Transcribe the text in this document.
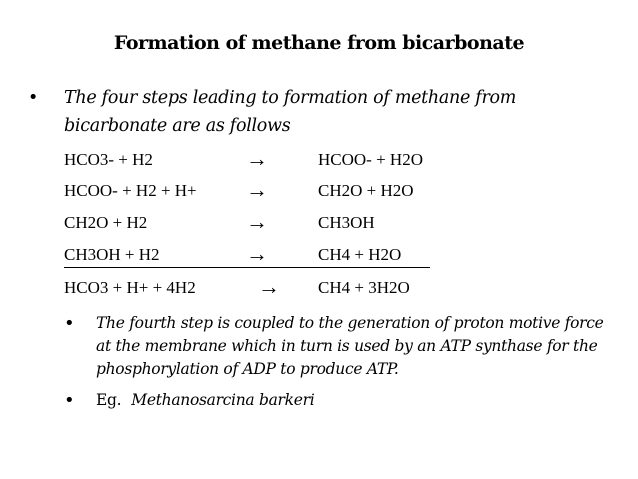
Formation of methane from bicarbonate
• The four steps leading to formation of methane from bicarbonate are as follows
HCO3- + H2	→	HCOO- + H2O
HCOO- + H2 + H+ →	CH2O + H2O
CH2O + H2	→	CH3OH
CH3OH + H2	→	CH4 + H2O
HCO3 + H+ + 4H2	→ CH4 + 3H2O
• The fourth step is coupled to the generation of proton motive force at the membrane which in turn is used by an ATP synthase for the phosphorylation of ADP to produce ATP.
• Eg. Methanosarcina barkeri
